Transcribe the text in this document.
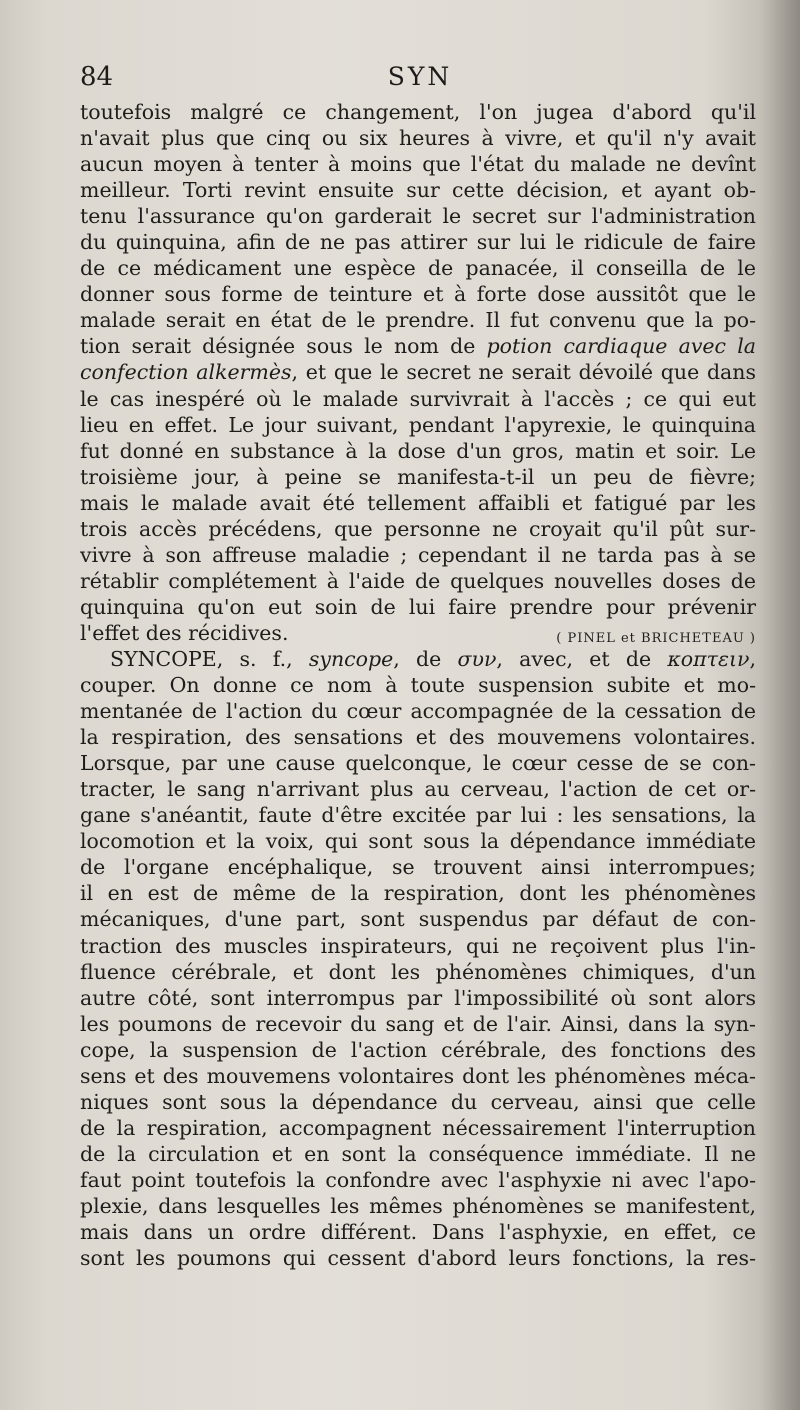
84	SYN
toutefois malgré ce changement, l'on jugea d'abord qu'il
n'avait plus que cinq ou six heures à vivre, et qu'il n'y avait
aucun moyen à tenter à moins que l'état du malade ne devînt
meilleur. Torti revint ensuite sur cette décision, et ayant ob-
tenu l'assurance qu'on garderait le secret sur l'administration
du quinquina, afin de ne pas attirer sur lui le ridicule de faire
de ce médicament une espèce de panacée, il conseilla de le
donner sous forme de teinture et à forte dose aussitôt que le
malade serait en état de le prendre. Il fut convenu que la po-
tion serait désignée sous le nom de potion cardiaque avec la
confection alkermès, et que le secret ne serait dévoilé que dans
le cas inespéré où le malade survivrait à l'accès ; ce qui eut
lieu en effet. Le jour suivant, pendant l'apyrexie, le quinquina
fut donné en substance à la dose d'un gros, matin et soir. Le
troisième jour, à peine se manifesta-t-il un peu de fièvre;
mais le malade avait été tellement affaibli et fatigué par les
trois accès précédens, que personne ne croyait qu'il pût sur-
vivre à son affreuse maladie ; cependant il ne tarda pas à se
rétablir complétement à l'aide de quelques nouvelles doses de
quinquina qu'on eut soin de lui faire prendre pour prévenir
l'effet des récidives.	( PINEL et BRICHETEAU )
SYNCOPE, s. f., syncope, de συν, avec, et de κοπτειν,
couper. On donne ce nom à toute suspension subite et mo-
mentanée de l'action du cœur accompagnée de la cessation de
la respiration, des sensations et des mouvemens volontaires.
Lorsque, par une cause quelconque, le cœur cesse de se con-
tracter, le sang n'arrivant plus au cerveau, l'action de cet or-
gane s'anéantit, faute d'être excitée par lui : les sensations, la
locomotion et la voix, qui sont sous la dépendance immédiate
de l'organe encéphalique, se trouvent ainsi interrompues;
il en est de même de la respiration, dont les phénomènes
mécaniques, d'une part, sont suspendus par défaut de con-
traction des muscles inspirateurs, qui ne reçoivent plus l'in-
fluence cérébrale, et dont les phénomènes chimiques, d'un
autre côté, sont interrompus par l'impossibilité où sont alors
les poumons de recevoir du sang et de l'air. Ainsi, dans la syn-
cope, la suspension de l'action cérébrale, des fonctions des
sens et des mouvemens volontaires dont les phénomènes méca-
niques sont sous la dépendance du cerveau, ainsi que celle
de la respiration, accompagnent nécessairement l'interruption
de la circulation et en sont la conséquence immédiate. Il ne
faut point toutefois la confondre avec l'asphyxie ni avec l'apo-
plexie, dans lesquelles les mêmes phénomènes se manifestent,
mais dans un ordre différent. Dans l'asphyxie, en effet, ce
sont les poumons qui cessent d'abord leurs fonctions, la res-
